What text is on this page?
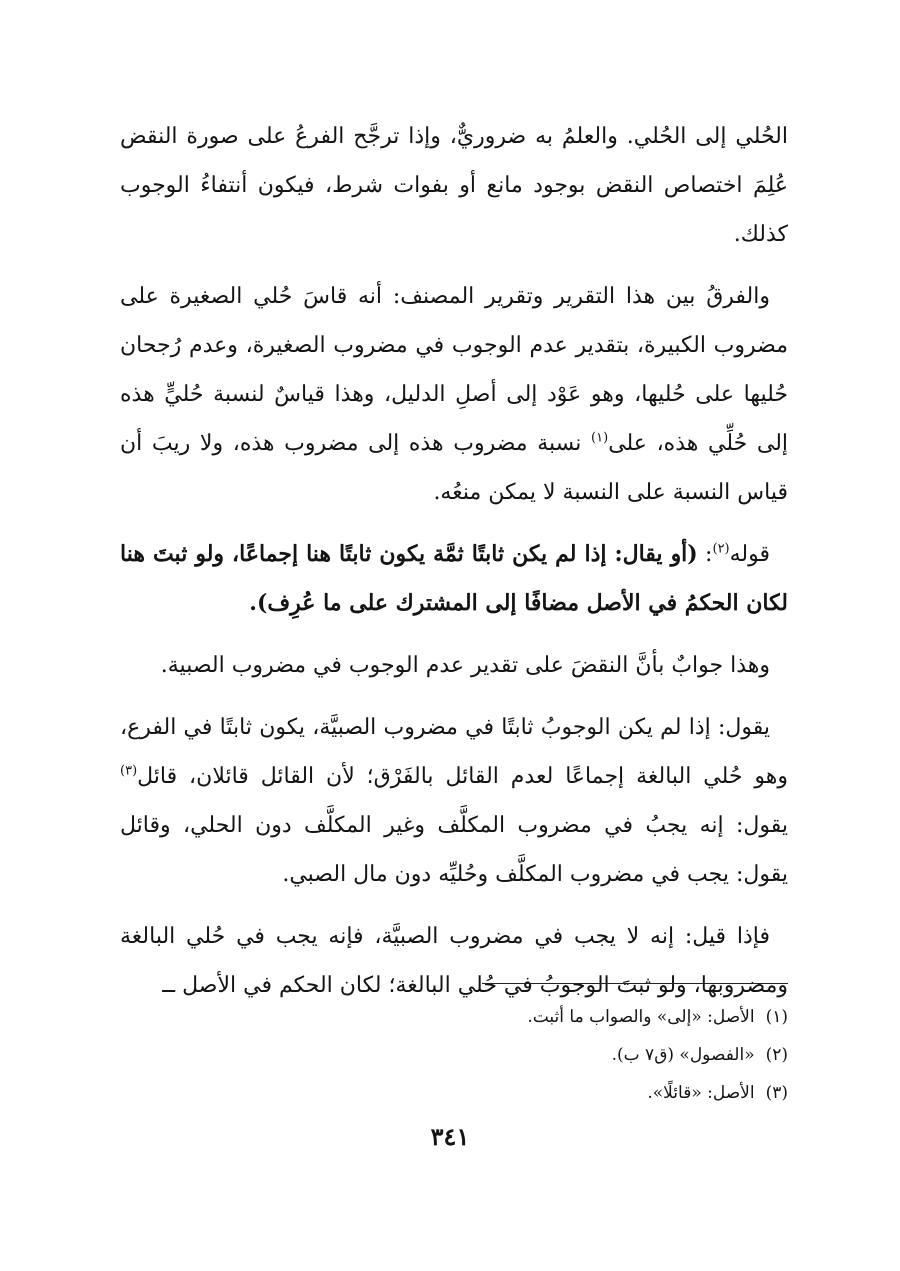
الحُلي إلى الحُلي. والعلمُ به ضروريٌّ، وإذا ترجَّح الفرعُ على صورة النقض عُلِمَ اختصاص النقض بوجود مانع أو بفوات شرط، فيكون أنتفاءُ الوجوب كذلك.

والفرقُ بين هذا التقرير وتقرير المصنف: أنه قاسَ حُلي الصغيرة على مضروب الكبيرة، بتقدير عدم الوجوب في مضروب الصغيرة، وعدم رُجحان حُليها على حُليها، وهو عَوْد إلى أصلِ الدليل، وهذا قياسٌ لنسبة حُليٍّ هذه إلى حُلِّي هذه، على$^{(١)}$ نسبة مضروب هذه إلى مضروب هذه، ولا ريبَ أن قياس النسبة على النسبة لا يمكن منعُه.

قوله$^{(٢)}$: (أو يقال: إذا لم يكن ثابتًا ثمَّة يكون ثابتًا هنا إجماعًا، ولو ثبتَ هنا لكان الحكمُ في الأصل مضافًا إلى المشترك على ما عُرِف).

وهذا جوابٌ بأنَّ النقضَ على تقدير عدم الوجوب في مضروب الصبية.

يقول: إذا لم يكن الوجوبُ ثابتًا في مضروب الصبيَّة، يكون ثابتًا في الفرع، وهو حُلي البالغة إجماعًا لعدم القائل بالفَرْق؛ لأن القائل قائلان، قائل$^{(٣)}$ يقول: إنه يجبُ في مضروب المكلَّف وغير المكلَّف دون الحلي، وقائل يقول: يجب في مضروب المكلَّف وحُليِّه دون مال الصبي.

فإذا قيل: إنه لا يجب في مضروب الصبيَّة، فإنه يجب في حُلي البالغة ومضروبها، ولو ثبتَ الوجوبُ في حُلي البالغة؛ لكان الحكم في الأصل ــ

(١) الأصل: «إلى» والصواب ما أثبت.

(٢) «الفصول» (ق٧ ب).

(٣) الأصل: «قائلًا».

٣٤١
